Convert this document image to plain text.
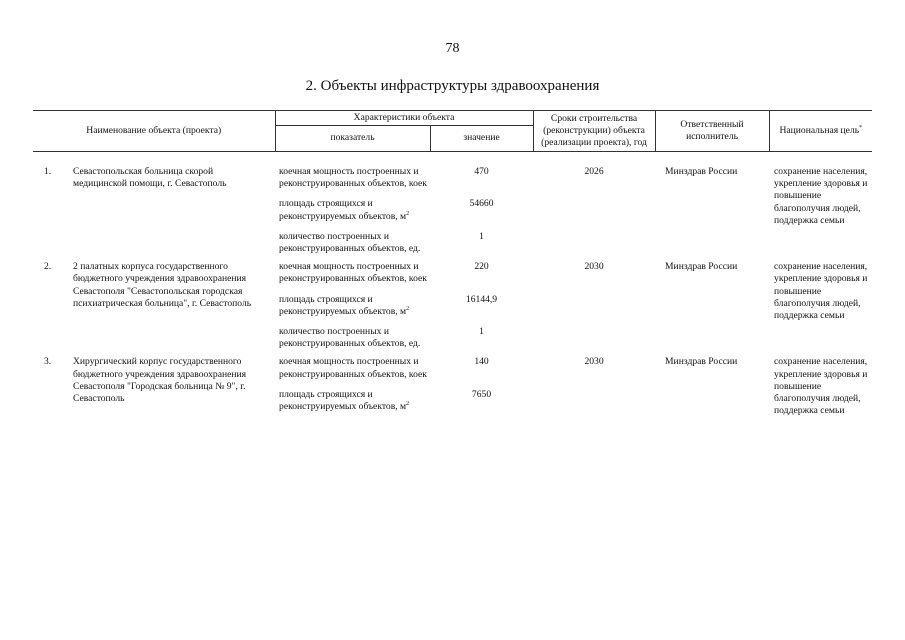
78
2. Объекты инфраструктуры здравоохранения
Наименование объекта (проекта)		Характеристики объекта		Сроки строительства (реконструкции) объекта (реализации проекта), год	Ответственный исполнитель	Национальная цель*
		показатель	значение			

1.	Севастопольская больница скорой медицинской помощи, г. Севастополь	коечная мощность построенных и реконструированных объектов, коек	470	2026	Минздрав России	сохранение населения, укрепление здоровья и повышение благополучия людей, поддержка семьи
		площадь строящихся и реконструируемых объектов, $м^2$	54660			
		количество построенных и реконструированных объектов, ед.	1			
2.	2 палатных корпуса государственного бюджетного учреждения здравоохранения Севастополя "Севастопольская городская психиатрическая больница", г. Севастополь	коечная мощность построенных и реконструированных объектов, коек	220	2030	Минздрав России	сохранение населения, укрепление здоровья и повышение благополучия людей, поддержка семьи
		площадь строящихся и реконструируемых объектов, $м^2$	16144,9			
		количество построенных и реконструированных объектов, ед.	1			
3.	Хирургический корпус государственного бюджетного учреждения здравоохранения Севастополя "Городская больница № 9", г. Севастополь	коечная мощность построенных и реконструированных объектов, коек	140	2030	Минздрав России	сохранение населения, укрепление здоровья и повышение благополучия людей, поддержка семьи
		площадь строящихся и реконструируемых объектов, $м^2$	7650			
